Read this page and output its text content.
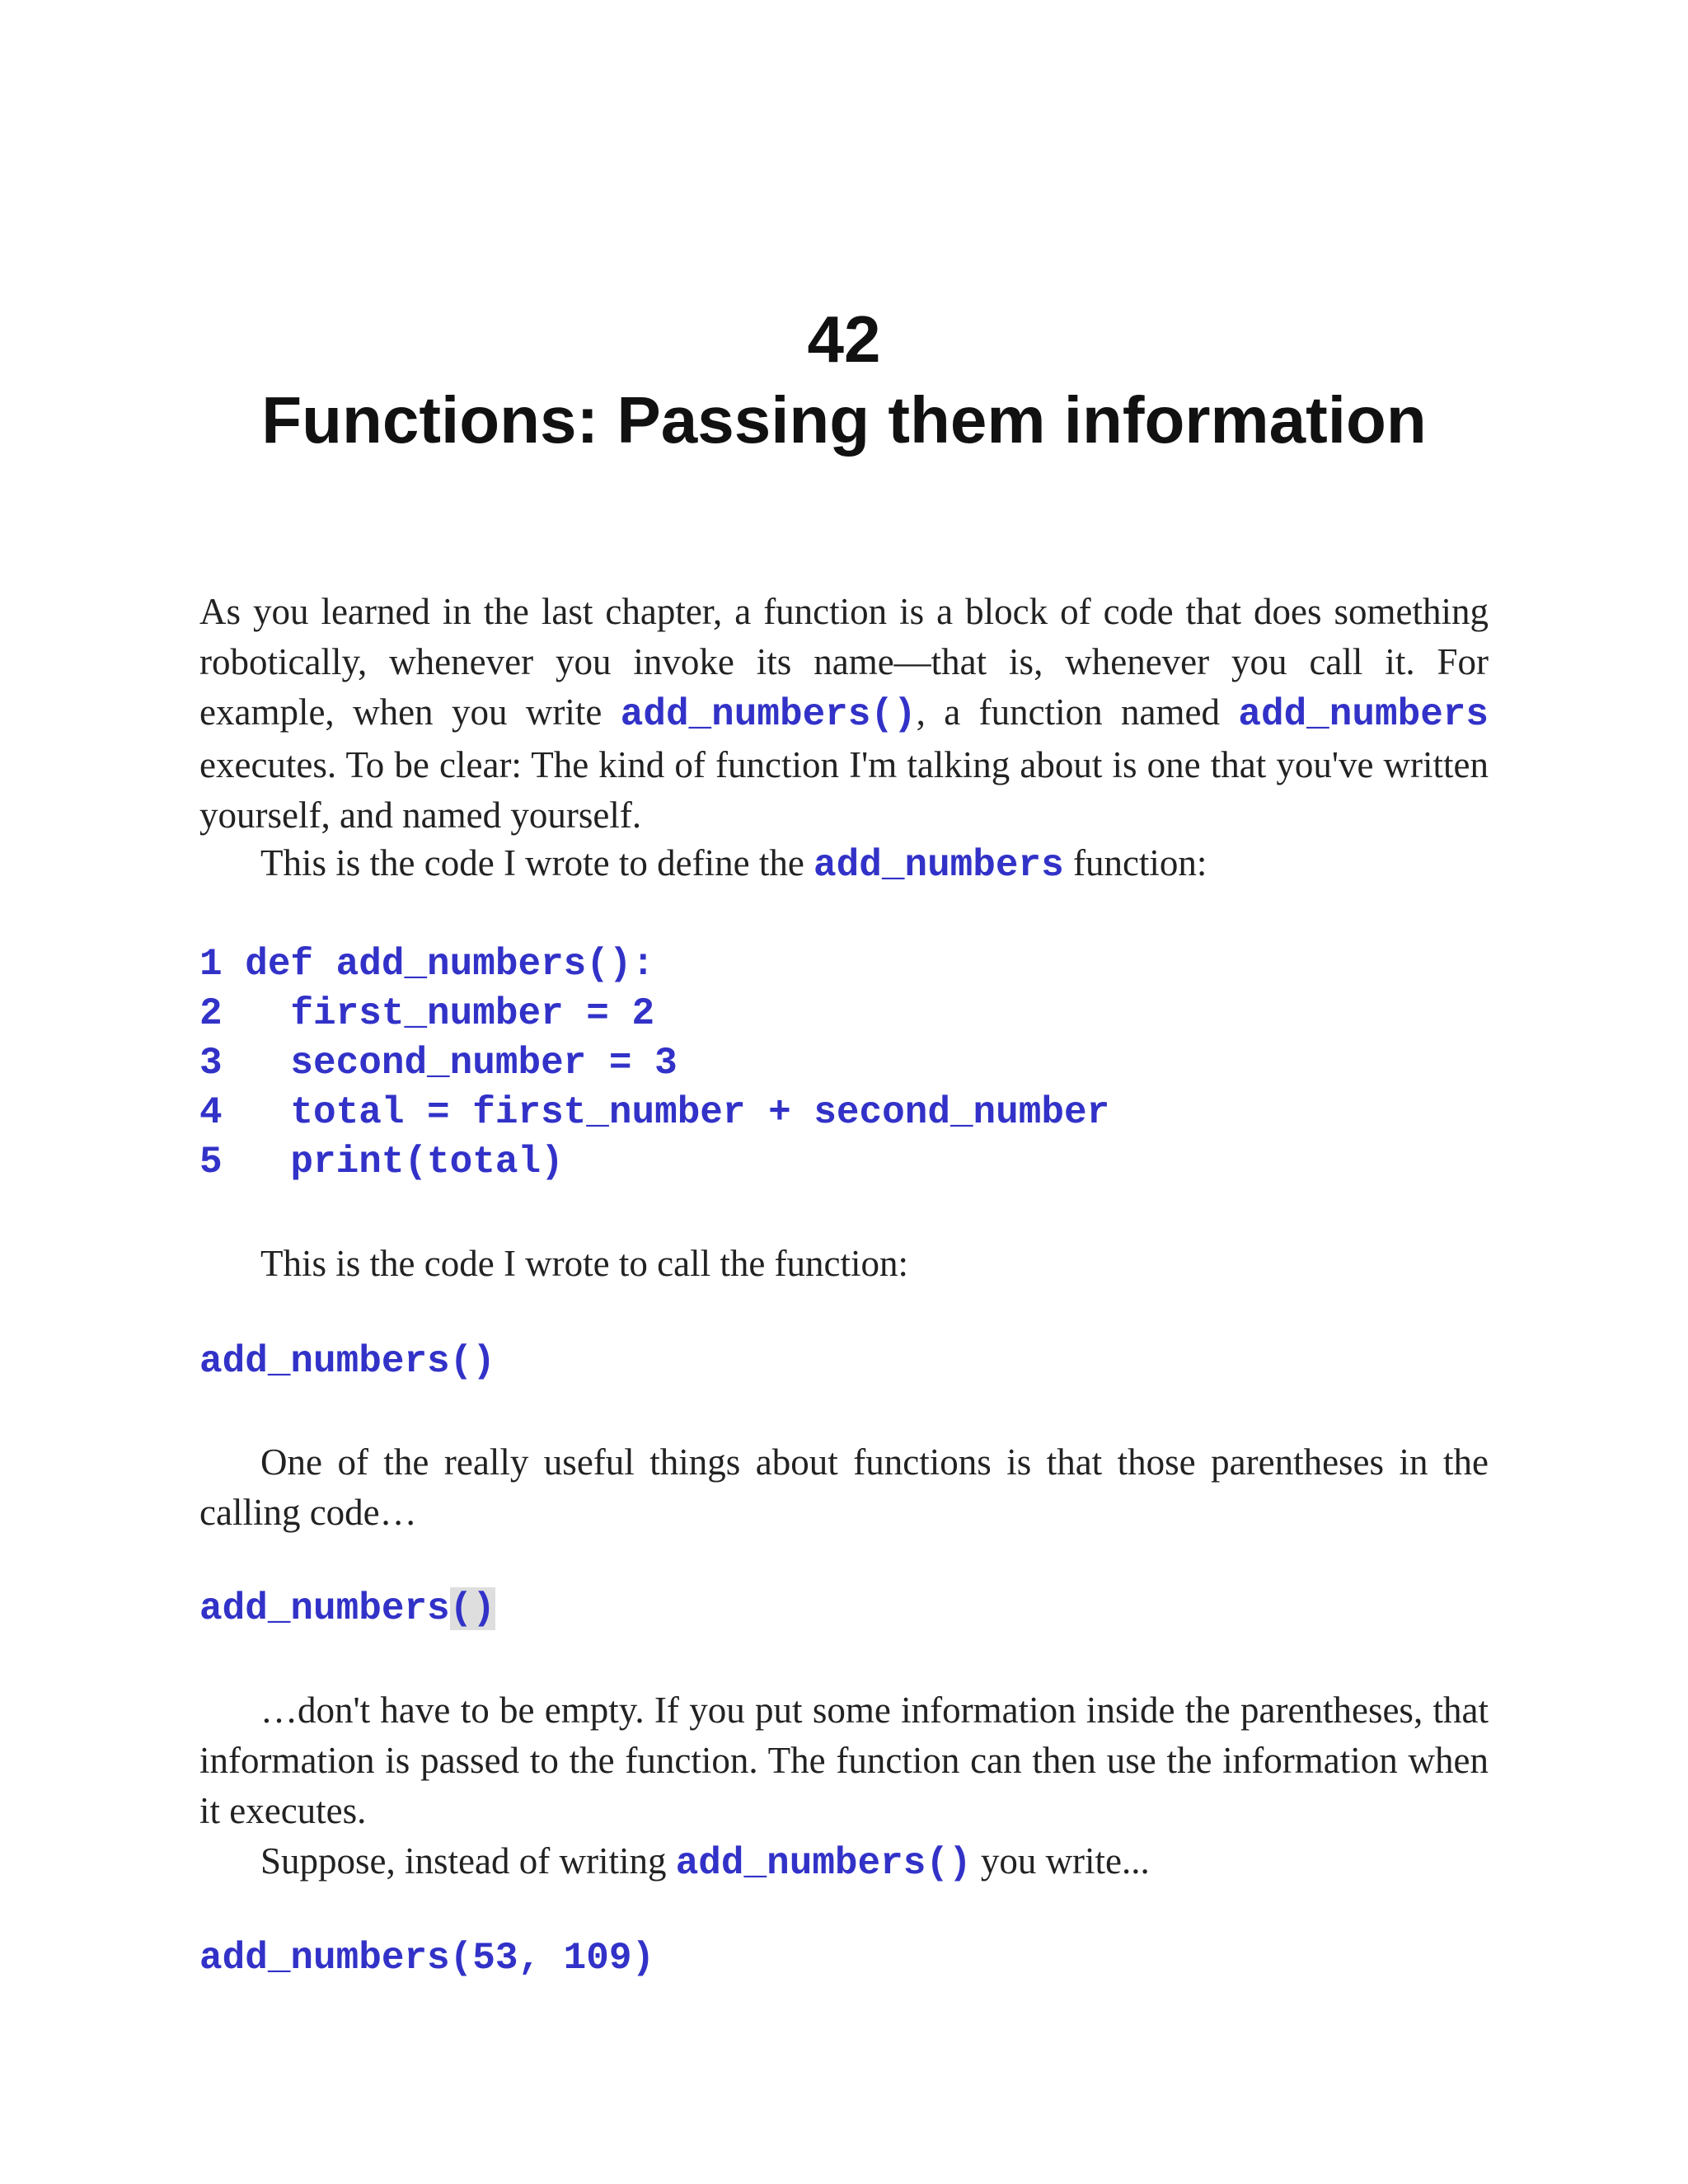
42
Functions: Passing them information

As you learned in the last chapter, a function is a block of code that does something robotically, whenever you invoke its name—that is, whenever you call it. For example, when you write add_numbers(), a function named add_numbers executes. To be clear: The kind of function I'm talking about is one that you've written yourself, and named yourself.

This is the code I wrote to define the add_numbers function:

1 def add_numbers():
2   first_number = 2
3   second_number = 3
4   total = first_number + second_number
5   print(total)

This is the code I wrote to call the function:

add_numbers()

One of the really useful things about functions is that those parentheses in the calling code…

add_numbers()

…don't have to be empty. If you put some information inside the parentheses, that information is passed to the function. The function can then use the information when it executes.

Suppose, instead of writing add_numbers() you write...

add_numbers(53, 109)
